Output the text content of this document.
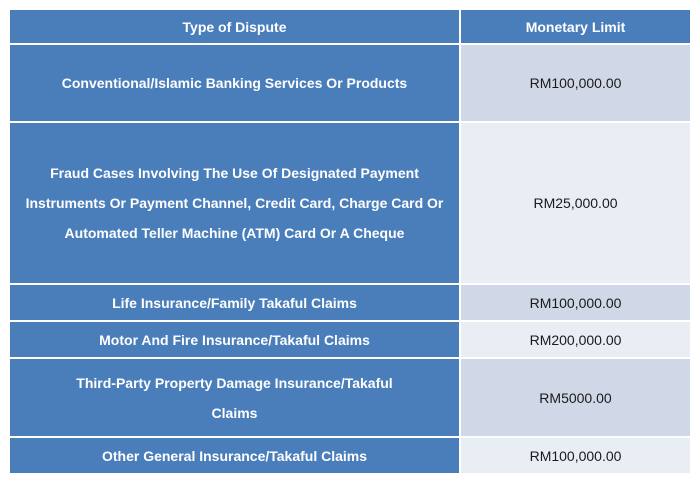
Type of Dispute	Monetary Limit
Conventional/Islamic Banking Services Or Products	RM100,000.00
Fraud Cases Involving The Use Of Designated Payment Instruments Or Payment Channel, Credit Card, Charge Card Or Automated Teller Machine (ATM) Card Or A Cheque	RM25,000.00
Life Insurance/Family Takaful Claims	RM100,000.00
Motor And Fire Insurance/Takaful Claims	RM200,000.00
Third-Party Property Damage Insurance/Takaful Claims	RM5000.00
Other General Insurance/Takaful Claims	RM100,000.00
